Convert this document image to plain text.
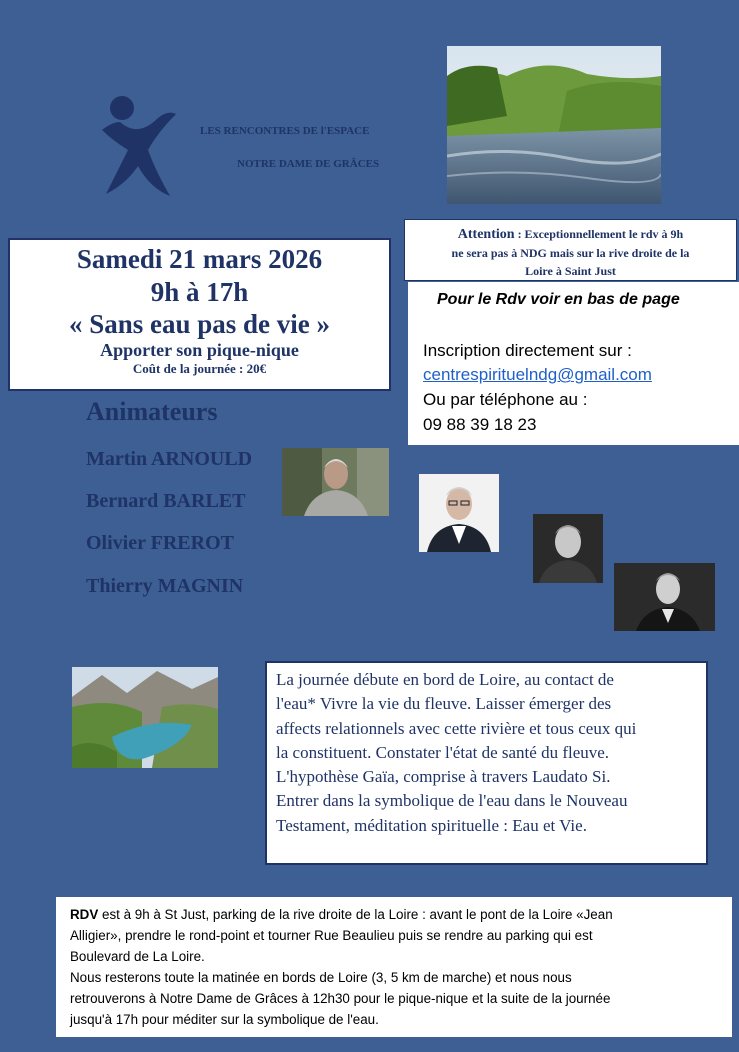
LES RENCONTRES DE l'ESPACE
NOTRE DAME DE GRÂCES
Attention : Exceptionnellement le rdv à 9h
ne sera pas à NDG mais sur la rive droite de la
Loire à Saint Just
Samedi 21 mars 2026
9h à 17h
« Sans eau pas de vie »
Apporter son pique-nique
Coût de la journée : 20€
Pour le Rdv voir en bas de page
Inscription directement sur :
centrespirituelndg@gmail.com
Ou par téléphone au :
09 88 39 18 23
Animateurs
Martin ARNOULD
Bernard BARLET
Olivier FREROT
Thierry MAGNIN
La journée débute en bord de Loire, au contact de
l'eau* Vivre la vie du fleuve. Laisser émerger des
affects relationnels avec cette rivière et tous ceux qui
la constituent. Constater l'état de santé du fleuve.
L'hypothèse Gaïa, comprise à travers Laudato Si.
Entrer dans la symbolique de l'eau dans le Nouveau
Testament, méditation spirituelle : Eau et Vie.
RDV est à 9h à St Just, parking de la rive droite de la Loire : avant le pont de la Loire «Jean
Alligier», prendre le rond-point et tourner Rue Beaulieu puis se rendre au parking qui est
Boulevard de La Loire.
Nous resterons toute la matinée en bords de Loire (3, 5 km de marche) et nous nous
retrouverons à Notre Dame de Grâces à 12h30 pour le pique-nique et la suite de la journée
jusqu'à 17h pour méditer sur la symbolique de l'eau.
